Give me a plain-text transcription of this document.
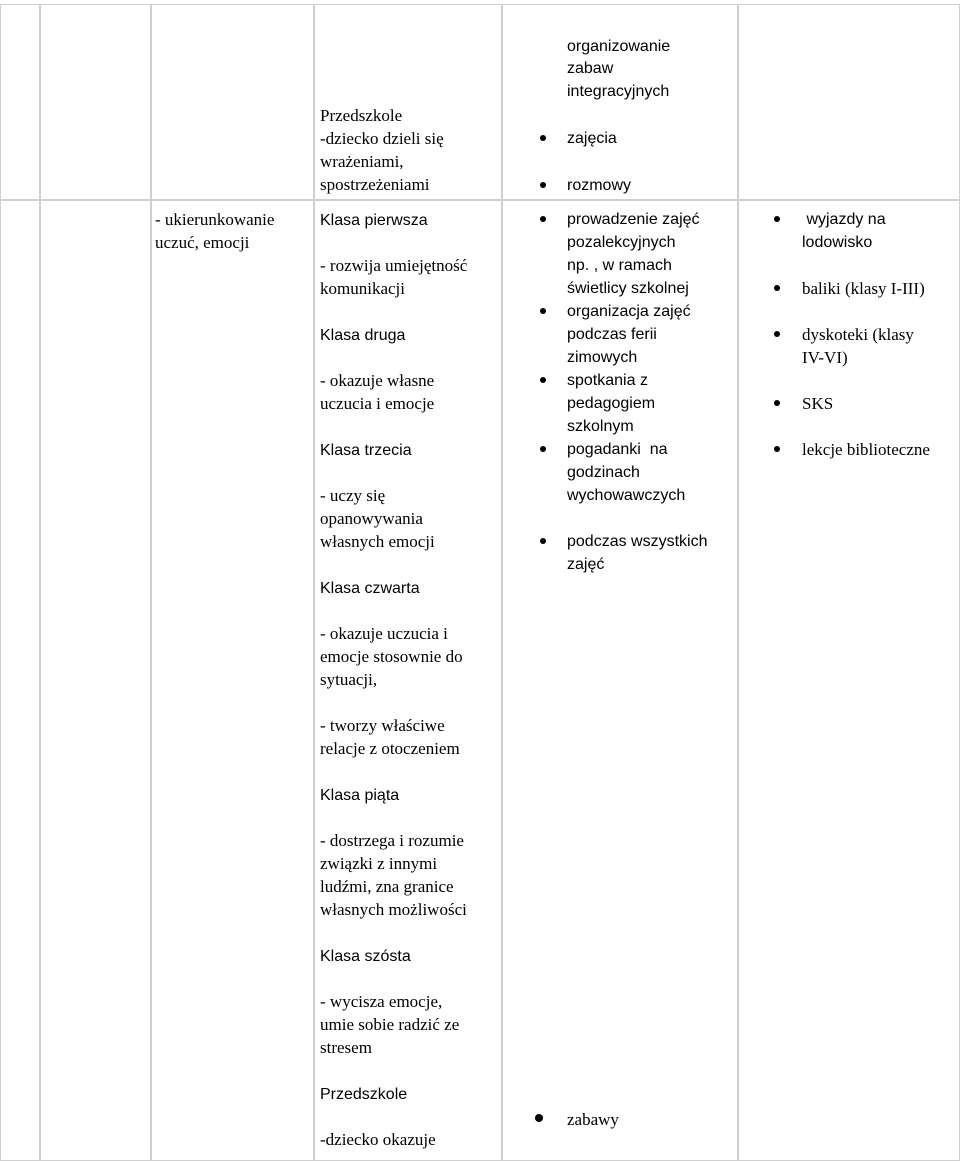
Przedszkole
-dziecko dzieli się
wrażeniami,
spostrzeżeniami
organizowanie
zabaw
integracyjnych
zajęcia
rozmowy
- ukierunkowanie
uczuć, emocji
Klasa pierwsza
- rozwija umiejętność
komunikacji
Klasa druga
- okazuje własne
uczucia i emocje
Klasa trzecia
- uczy się
opanowywania
własnych emocji
Klasa czwarta
- okazuje uczucia i
emocje stosownie do
sytuacji,
- tworzy właściwe
relacje z otoczeniem
Klasa piąta
- dostrzega i rozumie
związki z innymi
ludźmi, zna granice
własnych możliwości
Klasa szósta
- wycisza emocje,
umie sobie radzić ze
stresem
Przedszkole
-dziecko okazuje
prowadzenie zajęć
pozalekcyjnych
np. , w ramach
świetlicy szkolnej
organizacja zajęć
podczas ferii
zimowych
spotkania z
pedagogiem
szkolnym
pogadanki  na
godzinach
wychowawczych
podczas wszystkich
zajęć
zabawy
wyjazdy na
lodowisko
baliki (klasy I-III)
dyskoteki (klasy
IV-VI)
SKS
lekcje biblioteczne
